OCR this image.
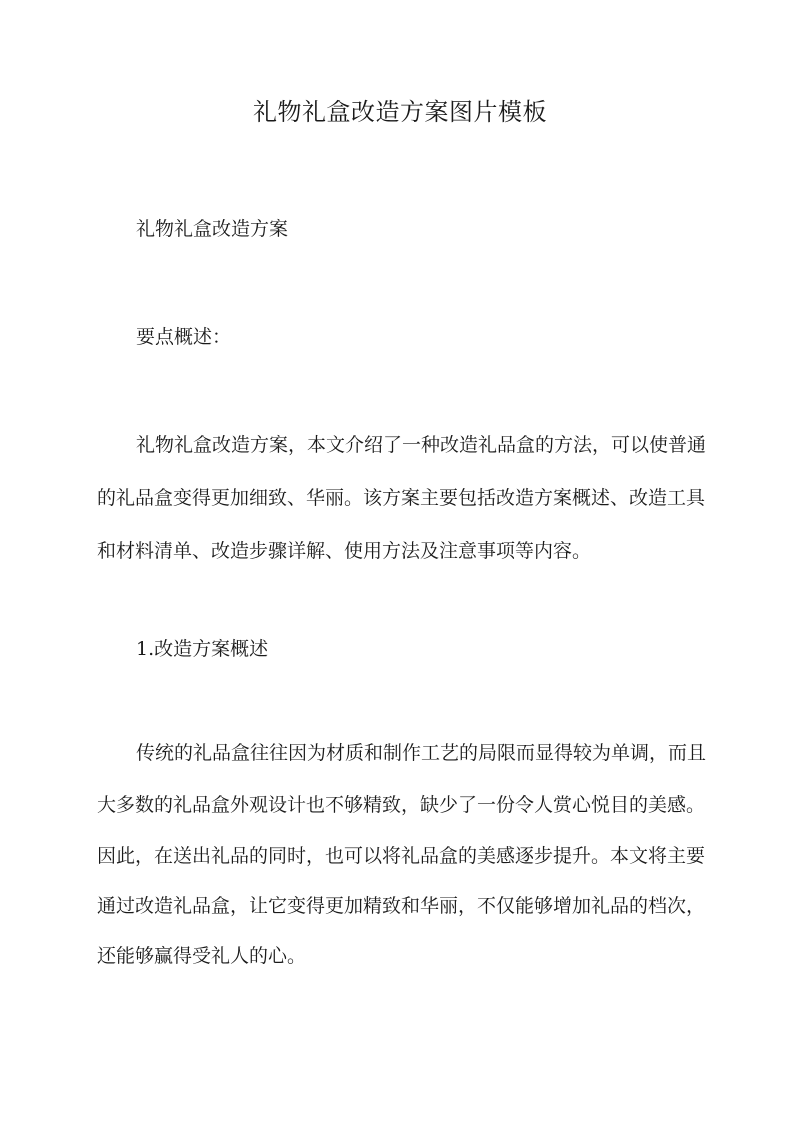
礼物礼盒改造方案图片模板

礼物礼盒改造方案

要点概述：

礼物礼盒改造方案，本文介绍了一种改造礼品盒的方法，可以使普通

的礼品盒变得更加细致、华丽。该方案主要包括改造方案概述、改造工具

和材料清单、改造步骤详解、使用方法及注意事项等内容。

1.改造方案概述

传统的礼品盒往往因为材质和制作工艺的局限而显得较为单调，而且

大多数的礼品盒外观设计也不够精致，缺少了一份令人赏心悦目的美感。

因此，在送出礼品的同时，也可以将礼品盒的美感逐步提升。本文将主要

通过改造礼品盒，让它变得更加精致和华丽，不仅能够增加礼品的档次，

还能够赢得受礼人的心。
